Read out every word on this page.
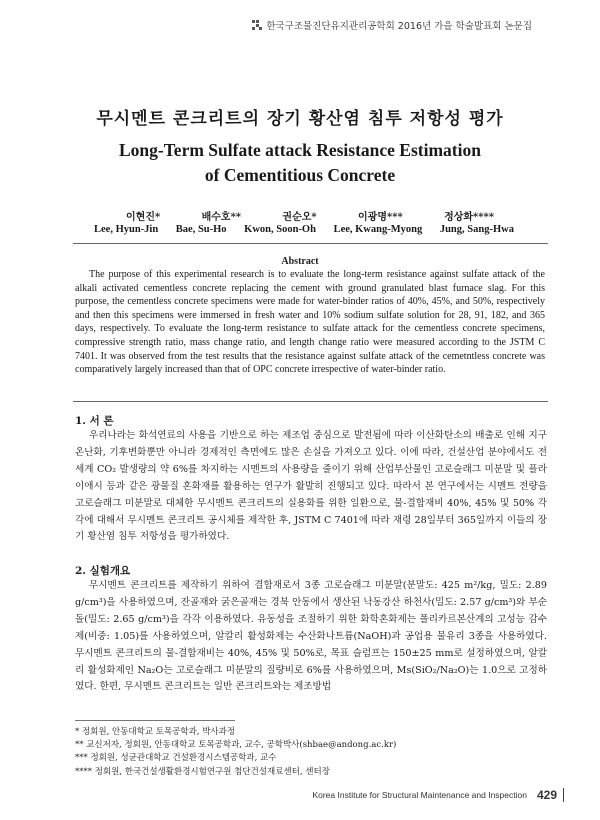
한국구조물진단유지관리공학회 2016년 가을 학술발표회 논문집
무시멘트 콘크리트의 장기 황산염 침투 저항성 평가
Long-Term Sulfate attack Resistance Estimation
of Cementitious Concrete
이현진*	배수호**	권순오*	이광명***	정상화****
Lee, Hyun-Jin Bae, Su-Ho Kwon, Soon-Oh Lee, Kwang-Myong Jung, Sang-Hwa
Abstract

The purpose of this experimental research is to evaluate the long-term resistance against sulfate attack of the alkali activated cementless concrete replacing the cement with ground granulated blast furnace slag. For this purpose, the cementless concrete specimens were made for water-binder ratios of 40%, 45%, and 50%, respectively and then this specimens were immersed in fresh water and 10% sodium sulfate solution for 28, 91, 182, and 365 days, respectively. To evaluate the long-term resistance to sulfate attack for the cementless concrete specimens, compressive strength ratio, mass change ratio, and length change ratio were measured according to the JSTM C 7401. It was observed from the test results that the resistance against sulfate attack of the cemetntless concrete was comparatively largely increased than that of OPC concrete irrespective of water-binder ratio.

1. 서 론

우리나라는 화석연료의 사용을 기반으로 하는 제조업 중심으로 발전됨에 따라 이산화탄소의 배출로 인해 지구온난화, 기후변화뿐만 아니라 경제적인 측면에도 많은 손실을 가져오고 있다. 이에 따라, 건설산업 분야에서도 전 세계 CO₂ 발생량의 약 6%를 차지하는 시멘트의 사용량을 줄이기 위해 산업부산물인 고로슬래그 미분말 및 플라이애시 등과 같은 광물질 혼화재를 활용하는 연구가 활발히 진행되고 있다. 따라서 본 연구에서는 시멘트 전량을 고로슬래그 미분말로 대체한 무시멘트 콘크리트의 실용화를 위한 일환으로, 물-결합재비 40%, 45% 및 50% 각각에 대해서 무시멘트 콘크리트 공시체를 제작한 후, JSTM C 7401에 따라 재령 28일부터 365일까지 이들의 장기 황산염 침투 저항성을 평가하였다.

2. 실험개요

무시멘트 콘크리트를 제작하기 위하여 결합재로서 3종 고로슬래그 미분말(분말도: 425 m²/kg, 밀도: 2.89 g/cm³)을 사용하였으며, 잔골재와 굵은골재는 경북 안동에서 생산된 낙동강산 하천사(밀도: 2.57 g/cm³)와 부순돌(밀도: 2.65 g/cm³)을 각각 이용하였다. 유동성을 조절하기 위한 화학혼화제는 폴리카르본산계의 고성능 감수제(비중: 1.05)를 사용하였으며, 알칼리 활성화제는 수산화나트륨(NaOH)과 공업용 물유리 3종을 사용하였다. 무시멘트 콘크리트의 물-결합재비는 40%, 45% 및 50%로, 목표 슬럼프는 150±25 mm로 설정하였으며, 알칼리 활성화제인 Na₂O는 고로슬래그 미분말의 질량비로 6%를 사용하였으며, Ms(SiO₂/Na₂O)는 1.0으로 고정하였다. 한편, 무시멘트 콘크리트는 일반 콘크리트와는 제조방법

* 정회원, 안동대학교 토목공학과, 박사과정
** 교신저자, 정회원, 안동대학교 토목공학과, 교수, 공학박사(shbae@andong.ac.kr)
*** 정회원, 성균관대학교 건설환경시스템공학과, 교수
**** 정회원, 한국건설생활환경시험연구원 첨단건설재료센터, 센터장
Korea Institute for Structural Maintenance and Inspection 429
